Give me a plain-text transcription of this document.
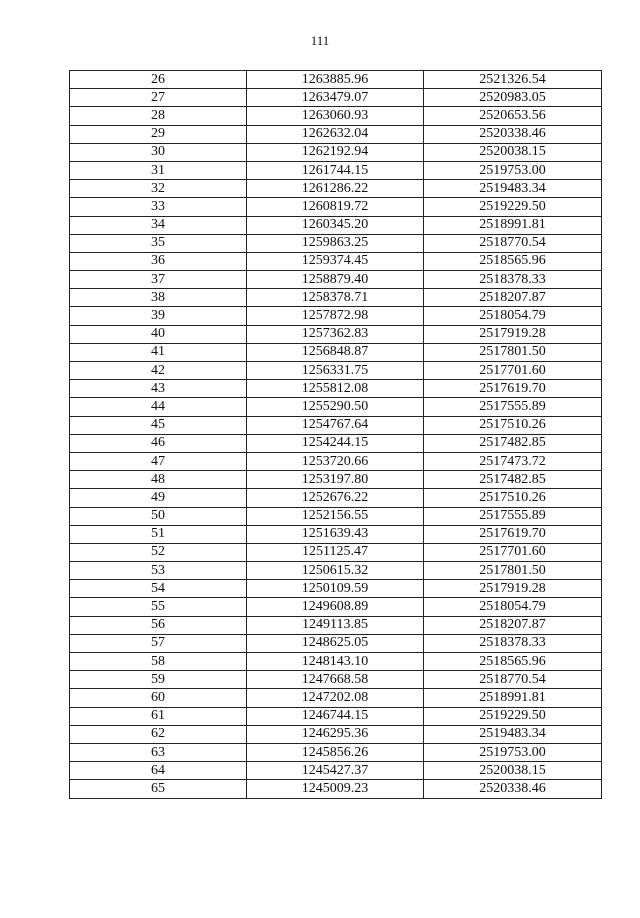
111
26	1263885.96	2521326.54
27	1263479.07	2520983.05
28	1263060.93	2520653.56
29	1262632.04	2520338.46
30	1262192.94	2520038.15
31	1261744.15	2519753.00
32	1261286.22	2519483.34
33	1260819.72	2519229.50
34	1260345.20	2518991.81
35	1259863.25	2518770.54
36	1259374.45	2518565.96
37	1258879.40	2518378.33
38	1258378.71	2518207.87
39	1257872.98	2518054.79
40	1257362.83	2517919.28
41	1256848.87	2517801.50
42	1256331.75	2517701.60
43	1255812.08	2517619.70
44	1255290.50	2517555.89
45	1254767.64	2517510.26
46	1254244.15	2517482.85
47	1253720.66	2517473.72
48	1253197.80	2517482.85
49	1252676.22	2517510.26
50	1252156.55	2517555.89
51	1251639.43	2517619.70
52	1251125.47	2517701.60
53	1250615.32	2517801.50
54	1250109.59	2517919.28
55	1249608.89	2518054.79
56	1249113.85	2518207.87
57	1248625.05	2518378.33
58	1248143.10	2518565.96
59	1247668.58	2518770.54
60	1247202.08	2518991.81
61	1246744.15	2519229.50
62	1246295.36	2519483.34
63	1245856.26	2519753.00
64	1245427.37	2520038.15
65	1245009.23	2520338.46
